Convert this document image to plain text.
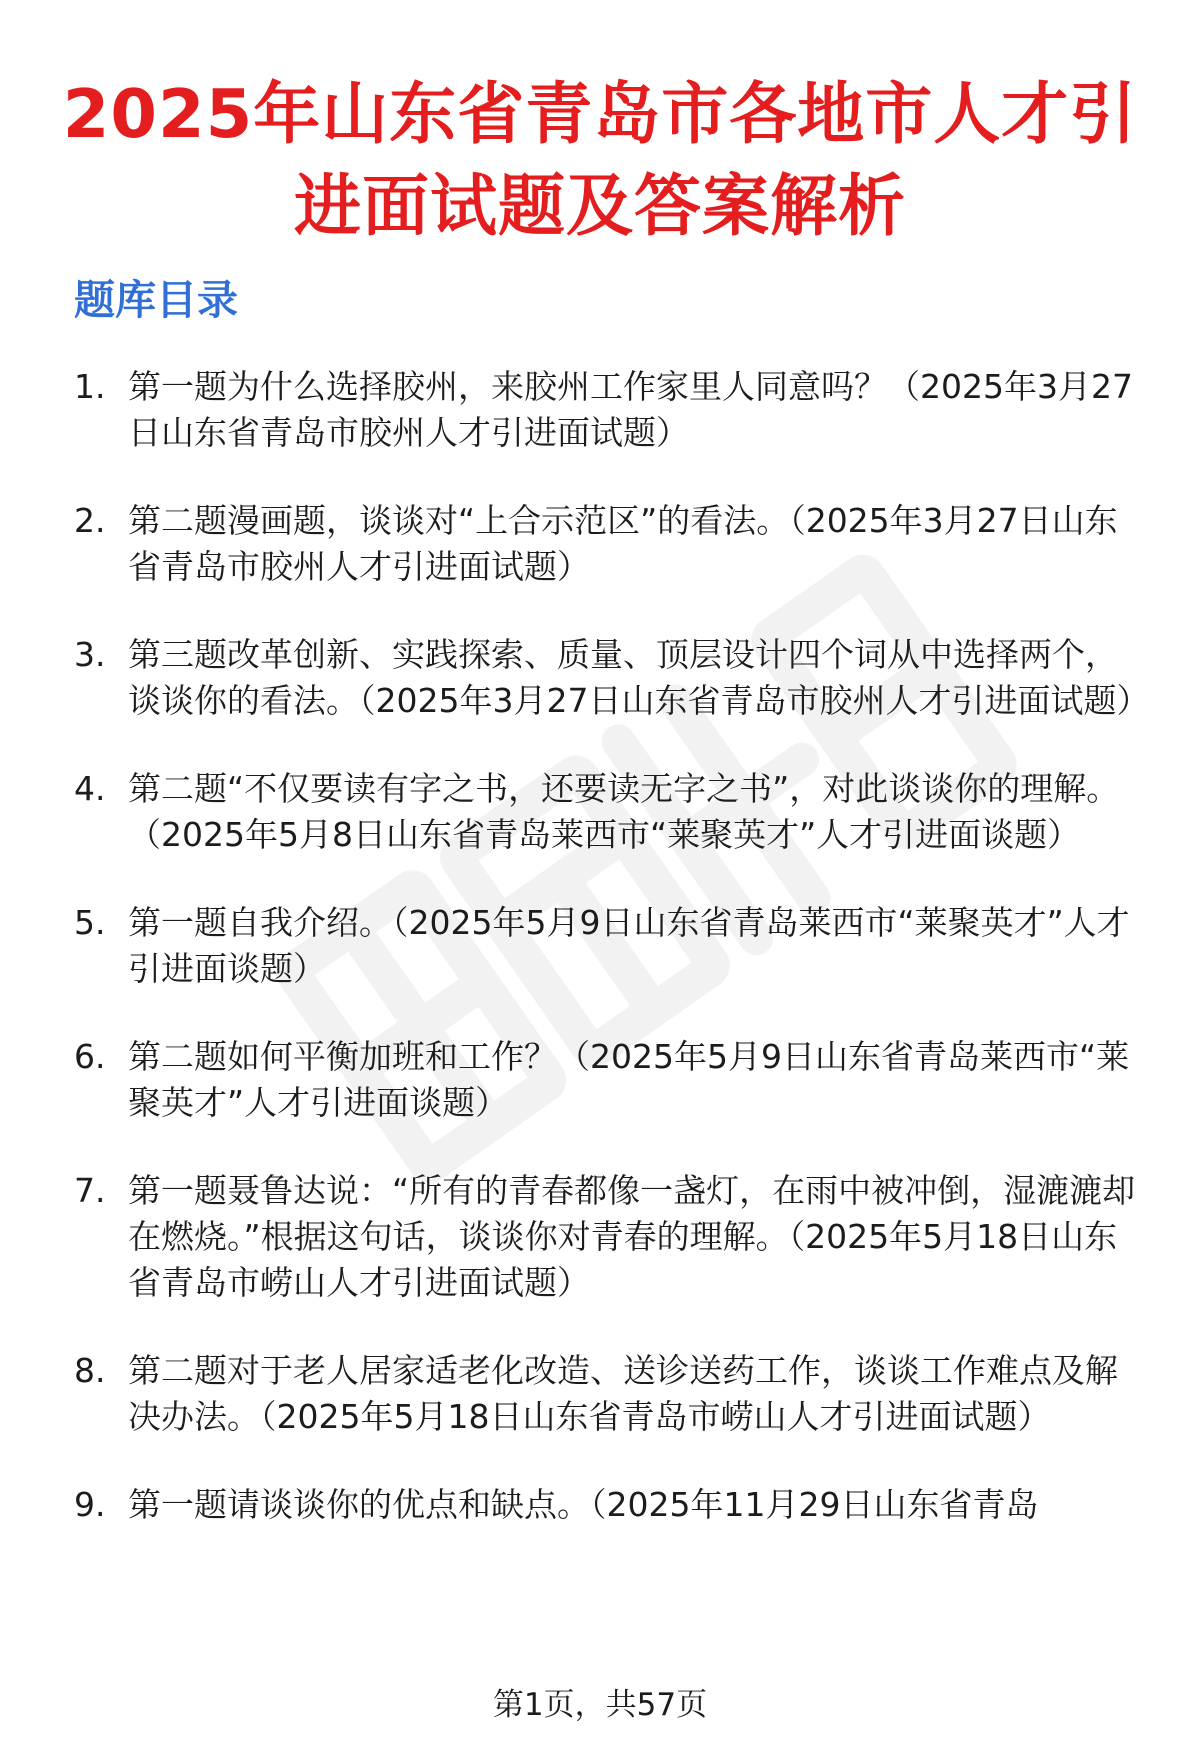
2025年山东省青岛市各地市人才引进面试题及答案解析
题库目录
1. 第一题为什么选择胶州，来胶州工作家里人同意吗？（2025年3月27日山东省青岛市胶州人才引进面试题）
2. 第二题漫画题，谈谈对“上合示范区”的看法。（2025年3月27日山东省青岛市胶州人才引进面试题）
3. 第三题改革创新、实践探索、质量、顶层设计四个词从中选择两个，谈谈你的看法。（2025年3月27日山东省青岛市胶州人才引进面试题）
4. 第二题“不仅要读有字之书，还要读无字之书”，对此谈谈你的理解。（2025年5月8日山东省青岛莱西市“莱聚英才”人才引进面谈题）
5. 第一题自我介绍。（2025年5月9日山东省青岛莱西市“莱聚英才”人才引进面谈题）
6. 第二题如何平衡加班和工作？（2025年5月9日山东省青岛莱西市“莱聚英才”人才引进面谈题）
7. 第一题聂鲁达说：“所有的青春都像一盏灯，在雨中被冲倒，湿漉漉却在燃烧。”根据这句话，谈谈你对青春的理解。（2025年5月18日山东省青岛市崂山人才引进面试题）
8. 第二题对于老人居家适老化改造、送诊送药工作，谈谈工作难点及解决办法。（2025年5月18日山东省青岛市崂山人才引进面试题）
9. 第一题请谈谈你的优点和缺点。（2025年11月29日山东省青岛
第1页，共57页
